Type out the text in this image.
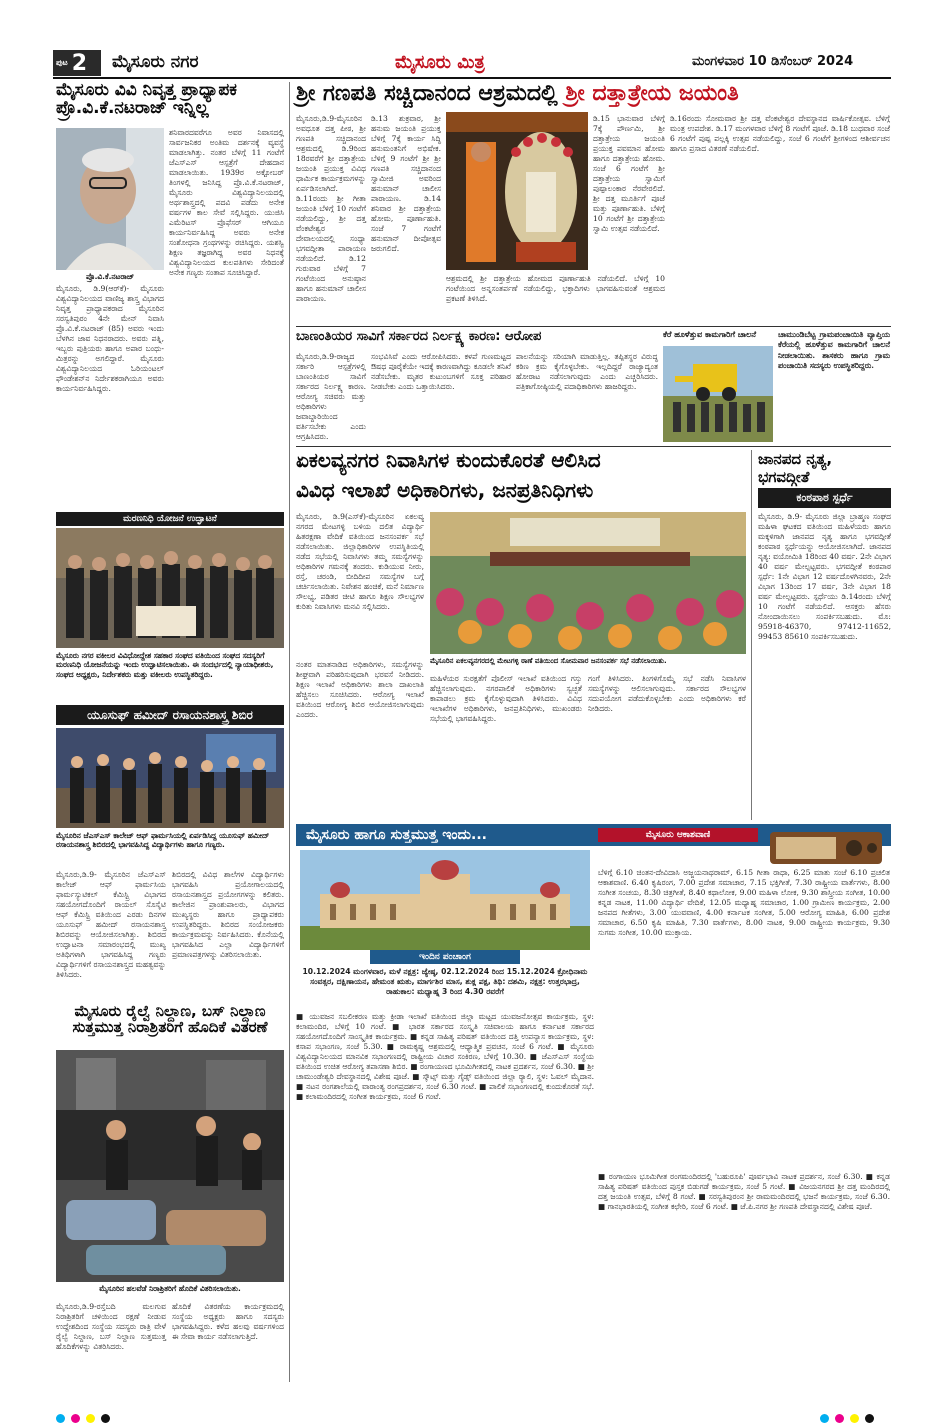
ಪುಟ 2 ಮೈಸೂರು ನಗರ	ಮೈಸೂರು ಮಿತ್ರ	ಮಂಗಳವಾರ 10 ಡಿಸೆಂಬರ್ 2024
ಮೈಸೂರು ವಿವಿ ನಿವೃತ್ತ ಪ್ರಾಧ್ಯಾಪಕ ಪ್ರೊ.ವಿ.ಕೆ.ನಟರಾಜ್ ಇನ್ನಿಲ್ಲ
ಪ್ರೊ.ವಿ.ಕೆ.ನಟರಾಜ್
ಮೈಸೂರು, ಡಿ.9(ಆರ್‌ಕೆ)- ಮೈಸೂರು ವಿಶ್ವವಿದ್ಯಾನಿಲಯದ ವಾಣಿಜ್ಯ ಶಾಸ್ತ್ರ ವಿಭಾಗದ ನಿವೃತ್ತ ಪ್ರಾಧ್ಯಾಪಕರಾದ ಮೈಸೂರಿನ ಸರಸ್ವತಿಪುರಂ 4ನೇ ಮೇನ್ ನಿವಾಸಿ ಪ್ರೊ.ವಿ.ಕೆ.ನಟರಾಜ್ (85) ಅವರು ಇಂದು ಬೆಳಗಿನ ಜಾವ ನಿಧನರಾದರು. ಅವರು ಪತ್ನಿ, ಇಬ್ಬರು ಪುತ್ರಿಯರು ಹಾಗೂ ಅಪಾರ ಬಂಧು-ಮಿತ್ರರನ್ನು ಅಗಲಿದ್ದಾರೆ. ಮೈಸೂರು ವಿಶ್ವವಿದ್ಯಾನಿಲಯದ ಓರಿಯಂಟಲ್ ಫೌಂಡೇಶನ್‌ನ ನಿರ್ದೇಶಕರಾಗಿಯೂ ಅವರು ಕಾರ್ಯನಿರ್ವಹಿಸಿದ್ದರು.
ಶನಿವಾರದವರೆಗೂ ಅವರ ನಿವಾಸದಲ್ಲಿ ಸಾರ್ವಜನಿಕರ ಅಂತಿಮ ದರ್ಶನಕ್ಕೆ ವ್ಯವಸ್ಥೆ ಮಾಡಲಾಗಿತ್ತು. ನಂತರ ಬೆಳಿಗ್ಗೆ 11 ಗಂಟೆಗೆ ಜೆಎಸ್‌ಎಸ್ ಆಸ್ಪತ್ರೆಗೆ ದೇಹದಾನ ಮಾಡಲಾಯಿತು. 1939ರ ಅಕ್ಟೋಬರ್ ತಿಂಗಳಲ್ಲಿ ಜನಿಸಿದ್ದ ಪ್ರೊ.ವಿ.ಕೆ.ನಟರಾಜ್, ಮೈಸೂರು ವಿಶ್ವವಿದ್ಯಾನಿಲಯದಲ್ಲಿ ಅರ್ಥಶಾಸ್ತ್ರದಲ್ಲಿ ಪದವಿ ಪಡೆದು ಅನೇಕ ವರ್ಷಗಳ ಕಾಲ ಸೇವೆ ಸಲ್ಲಿಸಿದ್ದರು. ಯುಜಿಸಿ ಎಮೆರಿಟಸ್ ಪ್ರೊಫೆಸರ್ ಆಗಿಯೂ ಕಾರ್ಯನಿರ್ವಹಿಸಿದ್ದ ಅವರು ಅನೇಕ ಸಂಶೋಧನಾ ಗ್ರಂಥಗಳನ್ನು ರಚಿಸಿದ್ದರು. ಯಶಸ್ವಿ ಶಿಕ್ಷಣ ತಜ್ಞರಾಗಿದ್ದ ಅವರ ನಿಧನಕ್ಕೆ ವಿಶ್ವವಿದ್ಯಾನಿಲಯದ ಕುಲಪತಿಗಳು ಸೇರಿದಂತೆ ಅನೇಕ ಗಣ್ಯರು ಸಂತಾಪ ಸೂಚಿಸಿದ್ದಾರೆ.
ಮರಣನಿಧಿ ಯೋಜನೆ ಉದ್ಘಾಟನೆ
ಮೈಸೂರು ನಗರ ವಕೀಲರ ವಿವಿಧೋದ್ದೇಶ ಸಹಕಾರ ಸಂಘದ ವತಿಯಿಂದ ಸಂಘದ ಸದಸ್ಯರಿಗೆ ಮರಣನಿಧಿ ಯೋಜನೆಯನ್ನು ಇಂದು ಉದ್ಘಾಟಿಸಲಾಯಿತು. ಈ ಸಂದರ್ಭದಲ್ಲಿ ನ್ಯಾಯಾಧೀಶರು, ಸಂಘದ ಅಧ್ಯಕ್ಷರು, ನಿರ್ದೇಶಕರು ಮತ್ತು ವಕೀಲರು ಉಪಸ್ಥಿತರಿದ್ದರು.
ಯೂಸುಫ್ ಹಮೀದ್ ರಸಾಯನಶಾಸ್ತ್ರ ಶಿಬಿರ
ಮೈಸೂರಿನ ಜೆಎಸ್‌ಎಸ್ ಕಾಲೇಜ್ ಆಫ್ ಫಾರ್ಮಸಿಯಲ್ಲಿ ಏರ್ಪಡಿಸಿದ್ದ ಯೂಸುಫ್ ಹಮೀದ್ ರಸಾಯನಶಾಸ್ತ್ರ ಶಿಬಿರದಲ್ಲಿ ಭಾಗವಹಿಸಿದ್ದ ವಿದ್ಯಾರ್ಥಿಗಳು ಹಾಗೂ ಗಣ್ಯರು.
ಮೈಸೂರು,ಡಿ.9- ಮೈಸೂರಿನ ಜೆಎಸ್‌ಎಸ್ ಕಾಲೇಜ್ ಆಫ್ ಫಾರ್ಮಸಿಯ ಫಾರ್ಮಸ್ಯುಟಿಕಲ್ ಕೆಮಿಸ್ಟ್ರಿ ವಿಭಾಗದ ಸಹಯೋಗದೊಂದಿಗೆ ರಾಯಲ್ ಸೊಸೈಟಿ ಆಫ್ ಕೆಮಿಸ್ಟ್ರಿ ವತಿಯಿಂದ ಎರಡು ದಿನಗಳ ಯೂಸುಫ್ ಹಮೀದ್ ರಸಾಯನಶಾಸ್ತ್ರ ಶಿಬಿರವನ್ನು ಆಯೋಜಿಸಲಾಗಿತ್ತು. ಶಿಬಿರದ ಉದ್ಘಾಟನಾ ಸಮಾರಂಭದಲ್ಲಿ ಮುಖ್ಯ ಅತಿಥಿಗಳಾಗಿ ಭಾಗವಹಿಸಿದ್ದ ಗಣ್ಯರು ವಿದ್ಯಾರ್ಥಿಗಳಿಗೆ ರಸಾಯನಶಾಸ್ತ್ರದ ಮಹತ್ವವನ್ನು ತಿಳಿಸಿದರು.
ಶಿಬಿರದಲ್ಲಿ ವಿವಿಧ ಶಾಲೆಗಳ ವಿದ್ಯಾರ್ಥಿಗಳು ಭಾಗವಹಿಸಿ ಪ್ರಯೋಗಾಲಯದಲ್ಲಿ ರಸಾಯನಶಾಸ್ತ್ರದ ಪ್ರಯೋಗಗಳನ್ನು ಕಲಿತರು. ಕಾಲೇಜಿನ ಪ್ರಾಂಶುಪಾಲರು, ವಿಭಾಗದ ಮುಖ್ಯಸ್ಥರು ಹಾಗೂ ಪ್ರಾಧ್ಯಾಪಕರು ಉಪಸ್ಥಿತರಿದ್ದರು. ಶಿಬಿರದ ಸಂಯೋಜಕರು ಕಾರ್ಯಕ್ರಮವನ್ನು ನಿರ್ವಹಿಸಿದರು. ಕೊನೆಯಲ್ಲಿ ಭಾಗವಹಿಸಿದ ಎಲ್ಲಾ ವಿದ್ಯಾರ್ಥಿಗಳಿಗೆ ಪ್ರಮಾಣಪತ್ರಗಳನ್ನು ವಿತರಿಸಲಾಯಿತು.
ಮೈಸೂರು ರೈಲ್ವೆ ನಿಲ್ದಾಣ, ಬಸ್ ನಿಲ್ದಾಣ ಸುತ್ತಮುತ್ತ ನಿರಾಶ್ರಿತರಿಗೆ ಹೊದಿಕೆ ವಿತರಣೆ
ಮೈಸೂರಿನ ಹಲವೆಡೆ ನಿರಾಶ್ರಿತರಿಗೆ ಹೊದಿಕೆ ವಿತರಿಸಲಾಯಿತು.
ಮೈಸೂರು,ಡಿ.9-ರಸ್ತೆಬದಿ ಮಲಗುವ ನಿರಾಶ್ರಿತರಿಗೆ ಚಳಿಯಿಂದ ರಕ್ಷಣೆ ನೀಡುವ ಉದ್ದೇಶದಿಂದ ಸಂಸ್ಥೆಯ ಸದಸ್ಯರು ರಾತ್ರಿ ವೇಳೆ ರೈಲ್ವೆ ನಿಲ್ದಾಣ, ಬಸ್ ನಿಲ್ದಾಣ ಸುತ್ತಮುತ್ತ ಹೊದಿಕೆಗಳನ್ನು ವಿತರಿಸಿದರು.
ಹೊದಿಕೆ ವಿತರಣೆಯ ಕಾರ್ಯಕ್ರಮದಲ್ಲಿ ಸಂಸ್ಥೆಯ ಅಧ್ಯಕ್ಷರು ಹಾಗೂ ಸದಸ್ಯರು ಭಾಗವಹಿಸಿದ್ದರು. ಕಳೆದ ಹಲವು ವರ್ಷಗಳಿಂದ ಈ ಸೇವಾ ಕಾರ್ಯ ನಡೆಸಲಾಗುತ್ತಿದೆ.
ಶ್ರೀ ಗಣಪತಿ ಸಚ್ಚಿದಾನಂದ ಆಶ್ರಮದಲ್ಲಿ ಶ್ರೀ ದತ್ತಾತ್ರೇಯ ಜಯಂತಿ
ಮೈಸೂರು,ಡಿ.9-ಮೈಸೂರಿನ ಅವಧೂತ ದತ್ತ ಪೀಠ, ಶ್ರೀ ಗಣಪತಿ ಸಚ್ಚಿದಾನಂದ ಆಶ್ರಮದಲ್ಲಿ ಡಿ.9ರಿಂದ 18ರವರೆಗೆ ಶ್ರೀ ದತ್ತಾತ್ರೇಯ ಜಯಂತಿ ಪ್ರಯುಕ್ತ ವಿವಿಧ ಧಾರ್ಮಿಕ ಕಾರ್ಯಕ್ರಮಗಳನ್ನು ಏರ್ಪಡಿಸಲಾಗಿದೆ. ಡಿ.11ರಂದು ಶ್ರೀ ಗೀತಾ ಜಯಂತಿ ಬೆಳಿಗ್ಗೆ 10 ಗಂಟೆಗೆ ನಡೆಯಲಿದ್ದು, ಶ್ರೀ ದತ್ತ ವೆಂಕಟೇಶ್ವರ ದೇವಾಲಯದಲ್ಲಿ ಸಂಧ್ಯಾ ಭಗವದ್ಗೀತಾ ಪಾರಾಯಣ ನಡೆಯಲಿದೆ. ಡಿ.12 ಗುರುವಾರ ಬೆಳಿಗ್ಗೆ 7 ಗಂಟೆಯಿಂದ ಅನುಷ್ಠಾನ ಹಾಗೂ ಹನುಮಾನ್ ಚಾಲೀಸ ಪಾರಾಯಣ.
ಡಿ.13 ಶುಕ್ರವಾರ, ಶ್ರೀ ಹನುಮ ಜಯಂತಿ ಪ್ರಯುಕ್ತ ಬೆಳಿಗ್ಗೆ 7ಕ್ಕೆ ಕಾರ್ಯ ಸಿದ್ಧಿ ಹನುಮಂತನಿಗೆ ಅಭಿಷೇಕ. ಬೆಳಿಗ್ಗೆ 9 ಗಂಟೆಗೆ ಶ್ರೀ ಶ್ರೀ ಗಣಪತಿ ಸಚ್ಚಿದಾನಂದ ಸ್ವಾಮೀಜಿ ಅವರಿಂದ ಹನುಮಾನ್ ಚಾಲೀಸ ಪಾರಾಯಣ. ಡಿ.14 ಶನಿವಾರ ಶ್ರೀ ದತ್ತಾತ್ರೇಯ ಹೋಮ, ಪೂರ್ಣಾಹುತಿ. ಸಂಜೆ 7 ಗಂಟೆಗೆ ಹನುಮಾನ್ ದೀಪೋತ್ಸವ ಜರುಗಲಿದೆ.
ಡಿ.15 ಭಾನುವಾರ ಬೆಳಿಗ್ಗೆ 7ಕ್ಕೆ ಪೌರ್ಣಮಿ, ಶ್ರೀ ದತ್ತಾತ್ರೇಯ ಜಯಂತಿ ಪ್ರಯುಕ್ತ ಪವಮಾನ ಹೋಮ ಹಾಗೂ ದತ್ತಾತ್ರೇಯ ಹೋಮ. ಸಂಜೆ 6 ಗಂಟೆಗೆ ಶ್ರೀ ದತ್ತಾತ್ರೇಯ ಸ್ವಾಮಿಗೆ ಪುಷ್ಪಾಲಂಕಾರ ನೆರವೇರಲಿದೆ. ಶ್ರೀ ದತ್ತ ಮೂರ್ತಿಗೆ ಪೂಜೆ ಮತ್ತು ಪೂರ್ಣಾಹುತಿ. ಬೆಳಿಗ್ಗೆ 10 ಗಂಟೆಗೆ ಶ್ರೀ ದತ್ತಾತ್ರೇಯ ಸ್ವಾಮಿ ಉತ್ಸವ ನಡೆಯಲಿದೆ.
ಡಿ.16ರಂದು ಸೋಮವಾರ ಶ್ರೀ ದತ್ತ ವೆಂಕಟೇಶ್ವರ ದೇವಸ್ಥಾನದ ವಾರ್ಷಿಕೋತ್ಸವ. ಬೆಳಿಗ್ಗೆ ಮಂತ್ರ ಉಪದೇಶ. ಡಿ.17 ಮಂಗಳವಾರ ಬೆಳಿಗ್ಗೆ 8 ಗಂಟೆಗೆ ಪೂಜೆ. ಡಿ.18 ಬುಧವಾರ ಸಂಜೆ 6 ಗಂಟೆಗೆ ಪುಷ್ಪ ಪಲ್ಲಕ್ಕಿ ಉತ್ಸವ ನಡೆಯಲಿದ್ದು, ಸಂಜೆ 6 ಗಂಟೆಗೆ ಶ್ರೀಗಳಿಂದ ಆಶೀರ್ವಚನ ಹಾಗೂ ಪ್ರಸಾದ ವಿತರಣೆ ನಡೆಯಲಿದೆ.
ಆಶ್ರಮದಲ್ಲಿ ಶ್ರೀ ದತ್ತಾತ್ರೇಯ ಹೋಮದ ಪೂರ್ಣಾಹುತಿ ನಡೆಯಲಿದೆ. ಬೆಳಿಗ್ಗೆ 10 ಗಂಟೆಯಿಂದ ಅನ್ನಸಂತರ್ಪಣೆ ನಡೆಯಲಿದ್ದು, ಭಕ್ತಾದಿಗಳು ಭಾಗವಹಿಸುವಂತೆ ಆಶ್ರಮದ ಪ್ರಕಟಣೆ ತಿಳಿಸಿದೆ.
ಬಾಣಂತಿಯರ ಸಾವಿಗೆ ಸರ್ಕಾರದ ನಿರ್ಲಕ್ಷ್ಯ ಕಾರಣ: ಆರೋಪ
ಮೈಸೂರು,ಡಿ.9-ರಾಜ್ಯದ ಸರ್ಕಾರಿ ಆಸ್ಪತ್ರೆಗಳಲ್ಲಿ ಬಾಣಂತಿಯರ ಸಾವಿಗೆ ಸರ್ಕಾರದ ನಿರ್ಲಕ್ಷ್ಯ ಕಾರಣ. ಆರೋಗ್ಯ ಸಚಿವರು ಮತ್ತು ಅಧಿಕಾರಿಗಳು ಜವಾಬ್ದಾರಿಯಿಂದ ವರ್ತಿಸಬೇಕು ಎಂದು ಆಗ್ರಹಿಸಿದರು.
ಸಂಭವಿಸಿವೆ ಎಂದು ಆರೋಪಿಸಿದರು. ಕಳಪೆ ಗುಣಮಟ್ಟದ ಔಷಧ ಪೂರೈಕೆಯೇ ಇದಕ್ಕೆ ಕಾರಣವಾಗಿದ್ದು ಕೂಡಲೇ ತನಿಖೆ ನಡೆಸಬೇಕು. ಮೃತರ ಕುಟುಂಬಗಳಿಗೆ ಸೂಕ್ತ ಪರಿಹಾರ ನೀಡಬೇಕು ಎಂದು ಒತ್ತಾಯಿಸಿದರು.
ಪಾಲನೆಯನ್ನು ಸರಿಯಾಗಿ ಮಾಡುತ್ತಿಲ್ಲ. ತಪ್ಪಿತಸ್ಥರ ವಿರುದ್ಧ ಕಠಿಣ ಕ್ರಮ ಕೈಗೊಳ್ಳಬೇಕು. ಇಲ್ಲದಿದ್ದರೆ ರಾಜ್ಯಾದ್ಯಂತ ಹೋರಾಟ ನಡೆಸಲಾಗುವುದು ಎಂದು ಎಚ್ಚರಿಸಿದರು. ಪತ್ರಿಕಾಗೋಷ್ಠಿಯಲ್ಲಿ ಪದಾಧಿಕಾರಿಗಳು ಹಾಜರಿದ್ದರು.
ಕೆರೆ ಹೂಳೆತ್ತುವ ಕಾಮಗಾರಿಗೆ ಚಾಲನೆ	ಚಾಮುಂಡಿಬೆಟ್ಟ ಗ್ರಾಮಪಂಚಾಯಿತಿ ವ್ಯಾಪ್ತಿಯ ಕೆರೆಯಲ್ಲಿ ಹೂಳೆತ್ತುವ ಕಾಮಗಾರಿಗೆ ಚಾಲನೆ ನೀಡಲಾಯಿತು. ಶಾಸಕರು ಹಾಗೂ ಗ್ರಾಮ ಪಂಚಾಯಿತಿ ಸದಸ್ಯರು ಉಪಸ್ಥಿತರಿದ್ದರು.
ಏಕಲವ್ಯನಗರ ನಿವಾಸಿಗಳ ಕುಂದುಕೊರತೆ ಆಲಿಸಿದ
ವಿವಿಧ ಇಲಾಖೆ ಅಧಿಕಾರಿಗಳು, ಜನಪ್ರತಿನಿಧಿಗಳು
ಮೈಸೂರು, ಡಿ.9(ಎಸ್‌ಕೆ)-ಮೈಸೂರಿನ ಏಕಲವ್ಯ ನಗರದ ಮೇಟಗಳ್ಳಿ ಬಳಿಯ ದಲಿತ ವಿದ್ಯಾರ್ಥಿ ಹಿತರಕ್ಷಣಾ ವೇದಿಕೆ ವತಿಯಿಂದ ಜನಸಂಪರ್ಕ ಸಭೆ ನಡೆಸಲಾಯಿತು. ಜಿಲ್ಲಾಧಿಕಾರಿಗಳ ಉಪಸ್ಥಿತಿಯಲ್ಲಿ ನಡೆದ ಸಭೆಯಲ್ಲಿ ನಿವಾಸಿಗಳು ತಮ್ಮ ಸಮಸ್ಯೆಗಳನ್ನು ಅಧಿಕಾರಿಗಳ ಗಮನಕ್ಕೆ ತಂದರು. ಕುಡಿಯುವ ನೀರು, ರಸ್ತೆ, ಚರಂಡಿ, ಬೀದಿದೀಪ ಸಮಸ್ಯೆಗಳ ಬಗ್ಗೆ ಚರ್ಚಿಸಲಾಯಿತು. ನಿವೇಶನ ಹಂಚಿಕೆ, ಮನೆ ನಿರ್ಮಾಣ ಸೌಲಭ್ಯ, ಪಡಿತರ ಚೀಟಿ ಹಾಗೂ ಶಿಕ್ಷಣ ಸೌಲಭ್ಯಗಳ ಕುರಿತು ನಿವಾಸಿಗಳು ಮನವಿ ಸಲ್ಲಿಸಿದರು.
ಮೈಸೂರಿನ ಏಕಲವ್ಯನಗರದಲ್ಲಿ ಮೇಟಗಳ್ಳಿ ಠಾಣೆ ವತಿಯಿಂದ ಸೋಮವಾರ ಜನಸಂಪರ್ಕ ಸಭೆ ನಡೆಸಲಾಯಿತು.
ನಂತರ ಮಾತನಾಡಿದ ಅಧಿಕಾರಿಗಳು, ಸಮಸ್ಯೆಗಳನ್ನು ಶೀಘ್ರವಾಗಿ ಪರಿಹರಿಸುವುದಾಗಿ ಭರವಸೆ ನೀಡಿದರು. ಶಿಕ್ಷಣ ಇಲಾಖೆ ಅಧಿಕಾರಿಗಳು ಶಾಲಾ ದಾಖಲಾತಿ ಹೆಚ್ಚಿಸಲು ಸೂಚಿಸಿದರು. ಆರೋಗ್ಯ ಇಲಾಖೆ ವತಿಯಿಂದ ಆರೋಗ್ಯ ಶಿಬಿರ ಆಯೋಜಿಸಲಾಗುವುದು ಎಂದರು.
ಮಹಿಳೆಯರ ಸುರಕ್ಷತೆಗೆ ಪೊಲೀಸ್ ಇಲಾಖೆ ವತಿಯಿಂದ ಗಸ್ತು ಹೆಚ್ಚಿಸಲಾಗುವುದು. ನಗರಪಾಲಿಕೆ ಅಧಿಕಾರಿಗಳು ಸ್ವಚ್ಛತೆ ಕಾಪಾಡಲು ಕ್ರಮ ಕೈಗೊಳ್ಳುವುದಾಗಿ ತಿಳಿಸಿದರು. ವಿವಿಧ ಇಲಾಖೆಗಳ ಅಧಿಕಾರಿಗಳು, ಜನಪ್ರತಿನಿಧಿಗಳು, ಮುಖಂಡರು ಸಭೆಯಲ್ಲಿ ಭಾಗವಹಿಸಿದ್ದರು.
ಗಂಗೆ ತಿಳಿಸಿದರು. ತಿಂಗಳಿಗೊಮ್ಮೆ ಸಭೆ ನಡೆಸಿ ನಿವಾಸಿಗಳ ಸಮಸ್ಯೆಗಳನ್ನು ಆಲಿಸಲಾಗುವುದು. ಸರ್ಕಾರದ ಸೌಲಭ್ಯಗಳ ಸದುಪಯೋಗ ಪಡೆದುಕೊಳ್ಳಬೇಕು ಎಂದು ಅಧಿಕಾರಿಗಳು ಕರೆ ನೀಡಿದರು.
ಜಾನಪದ ನೃತ್ಯ,
ಭಗವದ್ಗೀತೆ
ಕಂಠಪಾಠ ಸ್ಪರ್ಧೆ
ಮೈಸೂರು, ಡಿ.9- ಮೈಸೂರು ಜಿಲ್ಲಾ ಬ್ರಾಹ್ಮಣ ಸಂಘದ ಮಹಿಳಾ ಘಟಕದ ವತಿಯಿಂದ ಮಹಿಳೆಯರು ಹಾಗೂ ಮಕ್ಕಳಿಗಾಗಿ ಜಾನಪದ ನೃತ್ಯ ಹಾಗೂ ಭಗವದ್ಗೀತೆ ಕಂಠಪಾಠ ಸ್ಪರ್ಧೆಯನ್ನು ಆಯೋಜಿಸಲಾಗಿದೆ. ಜಾನಪದ ನೃತ್ಯ: ವಯೋಮಿತಿ 18ರಿಂದ 40 ವರ್ಷ. 2ನೇ ವಿಭಾಗ 40 ವರ್ಷ ಮೇಲ್ಪಟ್ಟವರು. ಭಗವದ್ಗೀತೆ ಕಂಠಪಾಠ ಸ್ಪರ್ಧೆ: 1ನೇ ವಿಭಾಗ 12 ವರ್ಷದೊಳಗಿನವರು, 2ನೇ ವಿಭಾಗ 13ರಿಂದ 17 ವರ್ಷ, 3ನೇ ವಿಭಾಗ 18 ವರ್ಷ ಮೇಲ್ಪಟ್ಟವರು. ಸ್ಪರ್ಧೆಯು ಡಿ.14ರಂದು ಬೆಳಿಗ್ಗೆ 10 ಗಂಟೆಗೆ ನಡೆಯಲಿದೆ. ಆಸಕ್ತರು ಹೆಸರು ನೋಂದಾಯಿಸಲು ಸಂಪರ್ಕಿಸಬಹುದು. ಮೊ: 95918-46370, 97412-11652, 99453 85610 ಸಂಪರ್ಕಿಸಬಹುದು.
ಮೈಸೂರು ಹಾಗೂ ಸುತ್ತಮುತ್ತ ಇಂದು...
ಇಂದಿನ ಪಂಚಾಂಗ
10.12.2024 ಮಂಗಳವಾರ, ಮಳೆ ನಕ್ಷತ್ರ: ಜ್ಯೇಷ್ಠ, 02.12.2024 ರಿಂದ 15.12.2024 ಕ್ರೋಧಿನಾಮ ಸಂವತ್ಸರ, ದಕ್ಷಿಣಾಯನ, ಹೇಮಂತ ಋತು, ಮಾರ್ಗಶಿರ ಮಾಸ, ಶುಕ್ಲ ಪಕ್ಷ, ತಿಥಿ: ದಶಮಿ, ನಕ್ಷತ್ರ: ಉತ್ತರಭಾದ್ರ, ರಾಹುಕಾಲ: ಮಧ್ಯಾಹ್ನ 3 ರಿಂದ 4.30 ರವರೆಗೆ
■ ಯುವಜನ ಸಬಲೀಕರಣ ಮತ್ತು ಕ್ರೀಡಾ ಇಲಾಖೆ ವತಿಯಿಂದ ಜಿಲ್ಲಾ ಮಟ್ಟದ ಯುವಜನೋತ್ಸವ ಕಾರ್ಯಕ್ರಮ, ಸ್ಥಳ: ಕಲಾಮಂದಿರ, ಬೆಳಿಗ್ಗೆ 10 ಗಂಟೆ. ■ ಭಾರತ ಸರ್ಕಾರದ ಸಂಸ್ಕೃತಿ ಸಚಿವಾಲಯ ಹಾಗೂ ಕರ್ನಾಟಕ ಸರ್ಕಾರದ ಸಹಯೋಗದೊಂದಿಗೆ ಸಾಂಸ್ಕೃತಿಕ ಕಾರ್ಯಕ್ರಮ. ■ ಕನ್ನಡ ಸಾಹಿತ್ಯ ಪರಿಷತ್ ವತಿಯಿಂದ ದತ್ತಿ ಉಪನ್ಯಾಸ ಕಾರ್ಯಕ್ರಮ, ಸ್ಥಳ: ಕಸಾಪ ಸಭಾಂಗಣ, ಸಂಜೆ 5.30. ■ ರಾಮಕೃಷ್ಣ ಆಶ್ರಮದಲ್ಲಿ ಆಧ್ಯಾತ್ಮಿಕ ಪ್ರವಚನ, ಸಂಜೆ 6 ಗಂಟೆ. ■ ಮೈಸೂರು ವಿಶ್ವವಿದ್ಯಾನಿಲಯದ ಮಾನವಿಕ ಸಭಾಂಗಣದಲ್ಲಿ ರಾಷ್ಟ್ರೀಯ ವಿಚಾರ ಸಂಕಿರಣ, ಬೆಳಿಗ್ಗೆ 10.30. ■ ಜೆಎಸ್‌ಎಸ್ ಸಂಸ್ಥೆಯ ವತಿಯಿಂದ ಉಚಿತ ಆರೋಗ್ಯ ತಪಾಸಣಾ ಶಿಬಿರ. ■ ರಂಗಾಯಣದ ಭೂಮಿಗೀತದಲ್ಲಿ ನಾಟಕ ಪ್ರದರ್ಶನ, ಸಂಜೆ 6.30. ■ ಶ್ರೀ ಚಾಮುಂಡೇಶ್ವರಿ ದೇವಸ್ಥಾನದಲ್ಲಿ ವಿಶೇಷ ಪೂಜೆ. ■ ಸ್ಕೌಟ್ಸ್ ಮತ್ತು ಗೈಡ್ಸ್ ವತಿಯಿಂದ ಜಿಲ್ಲಾ ರ‍್ಯಾಲಿ, ಸ್ಥಳ: ಓವಲ್ ಮೈದಾನ. ■ ನಟನ ರಂಗಶಾಲೆಯಲ್ಲಿ ವಾರಾಂತ್ಯ ರಂಗಪ್ರದರ್ಶನ, ಸಂಜೆ 6.30 ಗಂಟೆ. ■ ಪಾಲಿಕೆ ಸಭಾಂಗಣದಲ್ಲಿ ಕುಂದುಕೊರತೆ ಸಭೆ. ■ ಕಲಾಮಂದಿರದಲ್ಲಿ ಸಂಗೀತ ಕಾರ್ಯಕ್ರಮ, ಸಂಜೆ 6 ಗಂಟೆ.
ಮೈಸೂರು ಆಕಾಶವಾಣಿ
ಬೆಳಿಗ್ಗೆ 6.10 ಚಿಂತನ-ದೇವಿದಾಸಿ ಅಜ್ಜಯನಾಥರಾಮ್, 6.15 ಗೀತಾ ರಾಧಾ, 6.25 ಮಾತು ಸಂಜೆ 6.10 ಪ್ರಚಲಿತ ಆಕಾಶವಾಣಿ. 6.40 ಕೃಷಿರಂಗ, 7.00 ಪ್ರದೇಶ ಸಮಾಚಾರ, 7.15 ಭಕ್ತಿಗೀತೆ, 7.30 ರಾಷ್ಟ್ರೀಯ ವಾರ್ತೆಗಳು, 8.00 ಸಂಗೀತ ಸಂಚಯ, 8.30 ಚಿತ್ರಗೀತೆ, 8.40 ಕಥಾಲೋಕ, 9.00 ಮಹಿಳಾ ಲೋಕ, 9.30 ಶಾಸ್ತ್ರೀಯ ಸಂಗೀತ, 10.00 ಕನ್ನಡ ನಾಟಕ, 11.00 ವಿದ್ಯಾರ್ಥಿ ವೇದಿಕೆ, 12.05 ಮಧ್ಯಾಹ್ನ ಸಮಾಚಾರ, 1.00 ಗ್ರಾಮೀಣ ಕಾರ್ಯಕ್ರಮ, 2.00 ಜನಪದ ಗೀತೆಗಳು, 3.00 ಯುವವಾಣಿ, 4.00 ಕರ್ನಾಟಕ ಸಂಗೀತ, 5.00 ಆರೋಗ್ಯ ಮಾಹಿತಿ, 6.00 ಪ್ರದೇಶ ಸಮಾಚಾರ, 6.50 ಕೃಷಿ ಮಾಹಿತಿ, 7.30 ವಾರ್ತೆಗಳು, 8.00 ನಾಟಕ, 9.00 ರಾಷ್ಟ್ರೀಯ ಕಾರ್ಯಕ್ರಮ, 9.30 ಸುಗಮ ಸಂಗೀತ, 10.00 ಮುಕ್ತಾಯ.
■ ರಂಗಾಯಣ ಭೂಮಿಗೀತ ರಂಗಮಂದಿರದಲ್ಲಿ 'ಬಹುರೂಪಿ' ಪೂರ್ವಭಾವಿ ನಾಟಕ ಪ್ರದರ್ಶನ, ಸಂಜೆ 6.30. ■ ಕನ್ನಡ ಸಾಹಿತ್ಯ ಪರಿಷತ್ ವತಿಯಿಂದ ಪುಸ್ತಕ ಬಿಡುಗಡೆ ಕಾರ್ಯಕ್ರಮ, ಸಂಜೆ 5 ಗಂಟೆ. ■ ವಿಜಯನಗರದ ಶ್ರೀ ದತ್ತ ಮಂದಿರದಲ್ಲಿ ದತ್ತ ಜಯಂತಿ ಉತ್ಸವ, ಬೆಳಿಗ್ಗೆ 8 ಗಂಟೆ. ■ ಸರಸ್ವತಿಪುರಂನ ಶ್ರೀ ರಾಮಮಂದಿರದಲ್ಲಿ ಭಜನೆ ಕಾರ್ಯಕ್ರಮ, ಸಂಜೆ 6.30. ■ ಗಾನಭಾರತಿಯಲ್ಲಿ ಸಂಗೀತ ಕಛೇರಿ, ಸಂಜೆ 6 ಗಂಟೆ. ■ ಜೆ.ಪಿ.ನಗರ ಶ್ರೀ ಗಣಪತಿ ದೇವಸ್ಥಾನದಲ್ಲಿ ವಿಶೇಷ ಪೂಜೆ.
